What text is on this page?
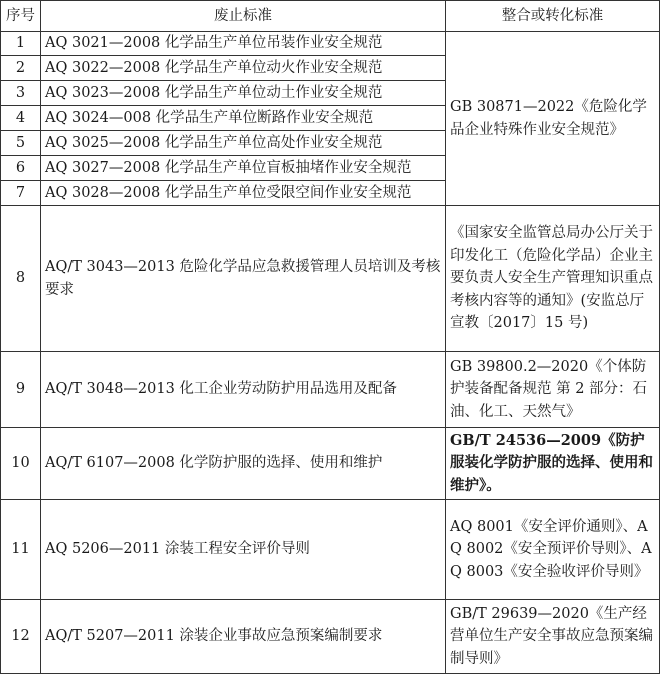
序号	废止标准	整合或转化标准
1	AQ 3021—2008 化学品生产单位吊装作业安全规范	GB 30871—2022《危险化学品企业特殊作业安全规范》
2	AQ 3022—2008 化学品生产单位动火作业安全规范	
3	AQ 3023—2008 化学品生产单位动土作业安全规范	
4	AQ 3024—008 化学品生产单位断路作业安全规范	
5	AQ 3025—2008 化学品生产单位高处作业安全规范	
6	AQ 3027—2008 化学品生产单位盲板抽堵作业安全规范	
7	AQ 3028—2008 化学品生产单位受限空间作业安全规范	
8	AQ/T 3043—2013 危险化学品应急救援管理人员培训及考核要求	《国家安全监管总局办公厅关于印发化工（危险化学品）企业主要负责人安全生产管理知识重点考核内容等的通知》(安监总厅宣教〔2017〕15 号)
9	AQ/T 3048—2013 化工企业劳动防护用品选用及配备	GB 39800.2—2020《个体防护装备配备规范 第 2 部分：石油、化工、天然气》
10	AQ/T 6107—2008 化学防护服的选择、使用和维护	GB/T 24536—2009《防护服装化学防护服的选择、使用和维护》。
11	AQ 5206—2011 涂装工程安全评价导则	AQ 8001《安全评价通则》、AQ 8002《安全预评价导则》、AQ 8003《安全验收评价导则》
12	AQ/T 5207—2011 涂装企业事故应急预案编制要求	GB/T 29639—2020《生产经营单位生产安全事故应急预案编制导则》
